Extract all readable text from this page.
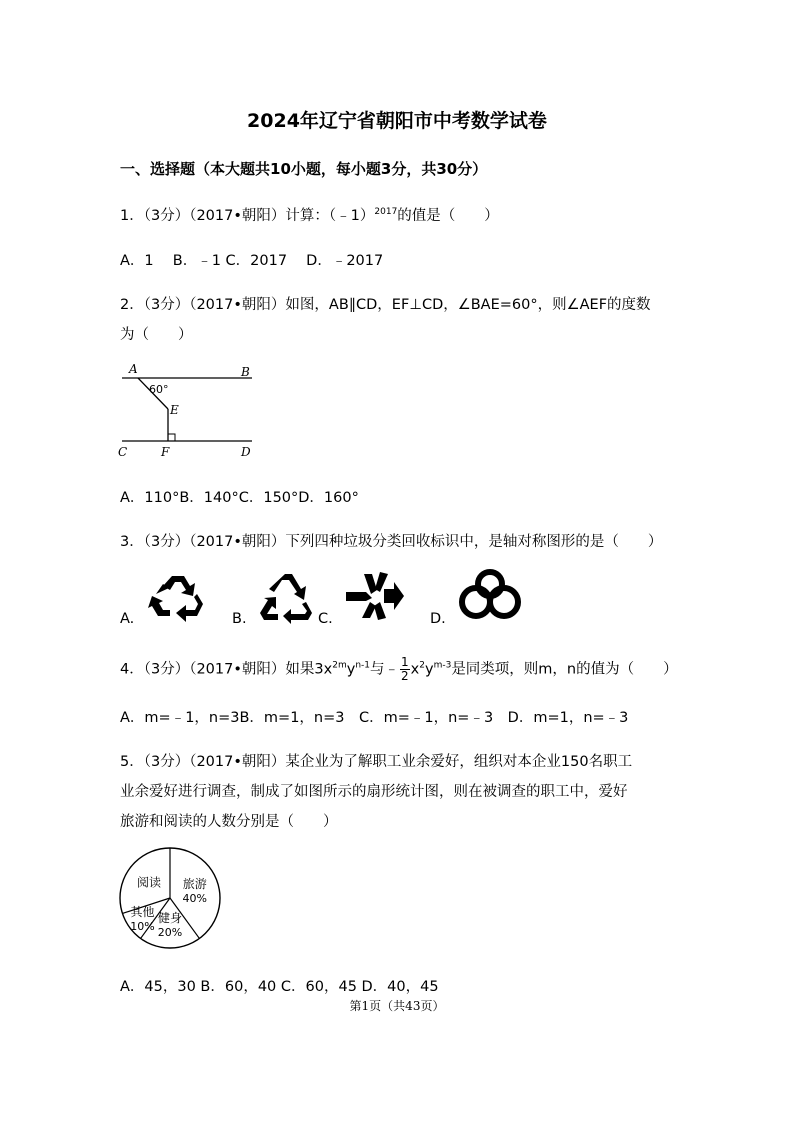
2024年辽宁省朝阳市中考数学试卷
一、选择题（本大题共10小题，每小题3分，共30分）
1．（3分）（2017•朝阳）计算：（﹣1）$^{2017}$的值是（　　）
A．1　 B．﹣1 C．2017　 D．﹣2017
2．（3分）（2017•朝阳）如图，AB∥CD，EF⊥CD，∠BAE=60°，则∠AEF的度数
为（　　）
A	B
C	D
E
F
60°
A．110°B．140°C．150°D．160°
3．（3分）（2017•朝阳）下列四种垃圾分类回收标识中，是轴对称图形的是（　　）
A.	B.	C.	D.
4．（3分）（2017•朝阳）如果$3x^{2m}y^{n-1}$与﹣ $\frac{1}{2} x^2y^{m-3}$是同类项，则m，n的值为（　　）
A．m=﹣1，n=3B．m=1，n=3　C．m=﹣1，n=﹣3　D．m=1，n=﹣3
5．（3分）（2017•朝阳）某企业为了解职工业余爱好，组织对本企业150名职工
业余爱好进行调查，制成了如图所示的扇形统计图，则在被调查的职工中，爱好
旅游和阅读的人数分别是（　　）
旅游
40%
健身
20%
其他
10%
阅读
A．45，30 B．60，40 C．60，45 D．40，45
第1页（共43页）
